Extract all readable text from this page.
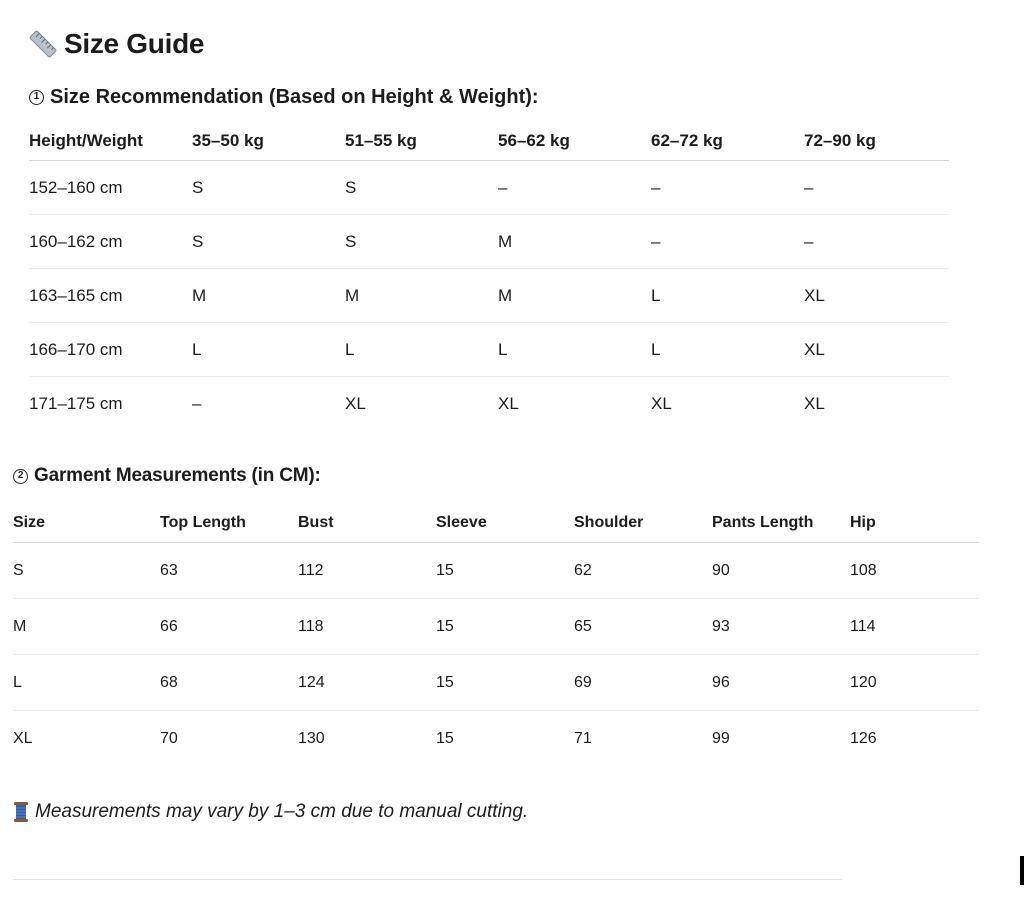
Size Guide
1 Size Recommendation (Based on Height & Weight):
Height/Weight	35–50 kg	51–55 kg	56–62 kg	62–72 kg	72–90 kg
152–160 cm	S	S	–	–	–
160–162 cm	S	S	M	–	–
163–165 cm	M	M	M	L	XL
166–170 cm	L	L	L	L	XL
171–175 cm	–	XL	XL	XL	XL
2 Garment Measurements (in CM):
Size	Top Length	Bust	Sleeve	Shoulder	Pants Length	Hip
S	63	112	15	62	90	108
M	66	118	15	65	93	114
L	68	124	15	69	96	120
XL	70	130	15	71	99	126
Measurements may vary by 1–3 cm due to manual cutting.
